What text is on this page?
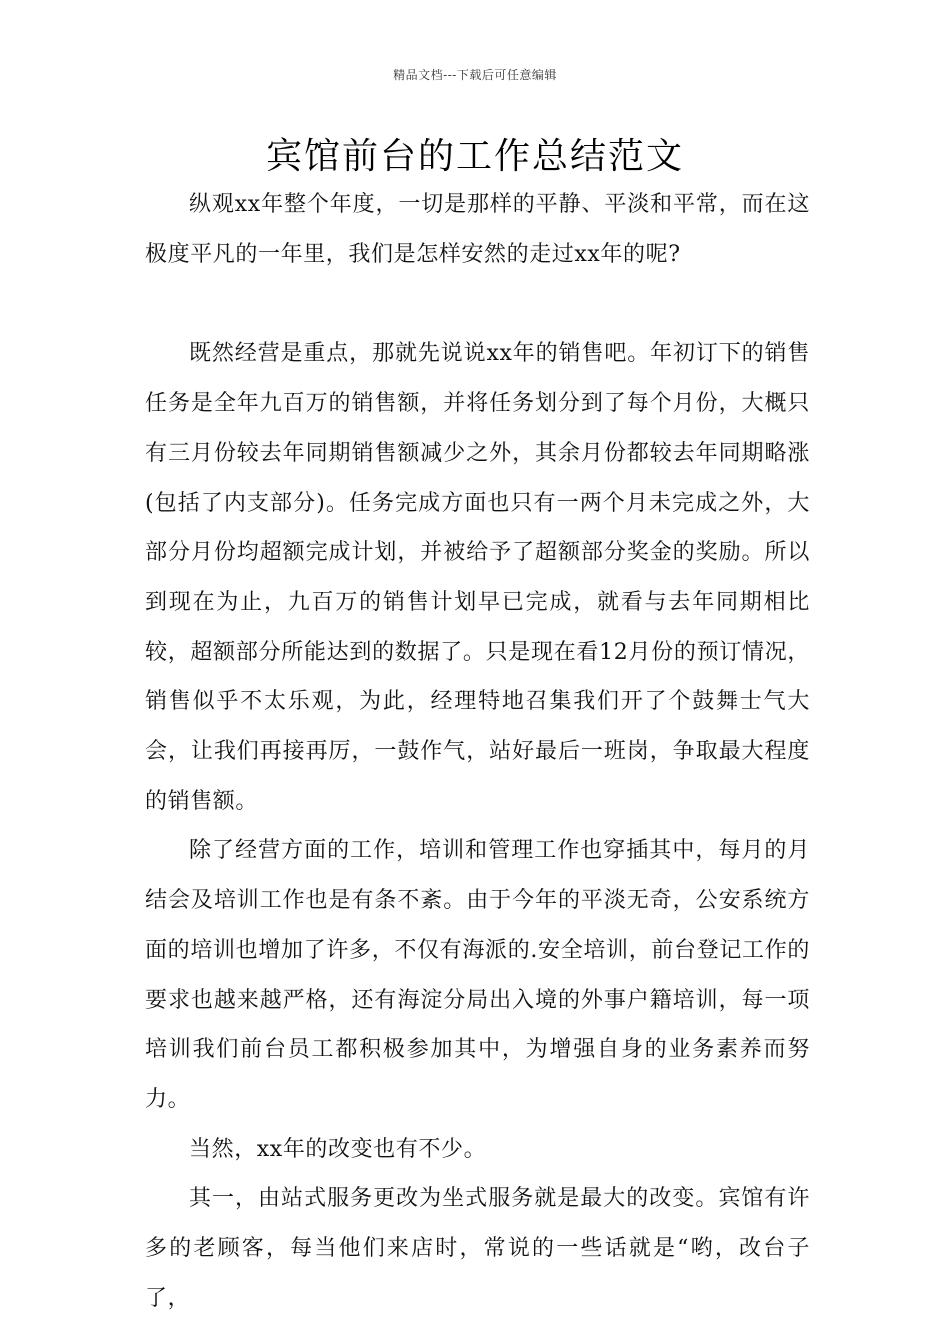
精品文档---下载后可任意编辑
宾馆前台的工作总结范文

纵观xx年整个年度，一切是那样的平静、平淡和平常，而在这极度平凡的一年里，我们是怎样安然的走过xx年的呢?

既然经营是重点，那就先说说xx年的销售吧。年初订下的销售任务是全年九百万的销售额，并将任务划分到了每个月份，大概只有三月份较去年同期销售额减少之外，其余月份都较去年同期略涨(包括了内支部分)。任务完成方面也只有一两个月未完成之外，大部分月份均超额完成计划，并被给予了超额部分奖金的奖励。所以到现在为止，九百万的销售计划早已完成，就看与去年同期相比较，超额部分所能达到的数据了。只是现在看12月份的预订情况，销售似乎不太乐观，为此，经理特地召集我们开了个鼓舞士气大会，让我们再接再厉，一鼓作气，站好最后一班岗，争取最大程度的销售额。

除了经营方面的工作，培训和管理工作也穿插其中，每月的月结会及培训工作也是有条不紊。由于今年的平淡无奇，公安系统方面的培训也增加了许多，不仅有海派的.安全培训，前台登记工作的要求也越来越严格，还有海淀分局出入境的外事户籍培训，每一项培训我们前台员工都积极参加其中，为增强自身的业务素养而努力。

当然，xx年的改变也有不少。

其一，由站式服务更改为坐式服务就是最大的改变。宾馆有许多的老顾客，每当他们来店时，常说的一些话就是“哟，改台子了，
